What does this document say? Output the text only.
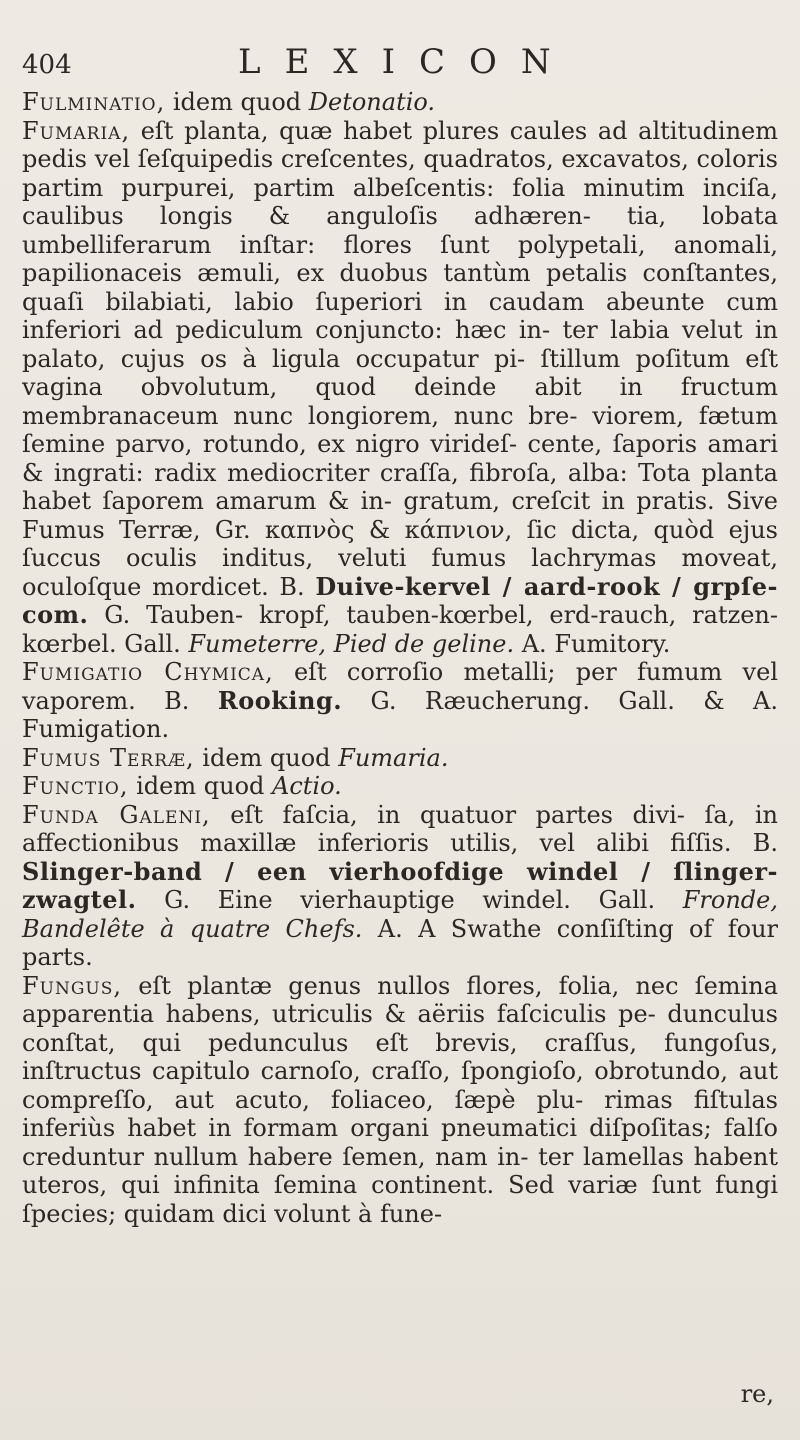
404	LEXICON

Fulminatio, idem quod Detonatio.

Fumaria, eſt planta, quæ habet plures caules ad altitudinem pedis vel ſeſquipedis creſcentes, quadratos, excavatos, coloris partim purpurei, partim albeſcentis: folia minutim inciſa, caulibus longis & anguloſis adhæren- tia, lobata umbelliferarum inſtar: flores ſunt polypetali, anomali, papilionaceis æmuli, ex duobus tantùm petalis conſtantes, quaſi bilabiati, labio ſuperiori in caudam abeunte cum inferiori ad pediculum conjuncto: hæc in- ter labia velut in palato, cujus os à ligula occupatur pi- ſtillum poſitum eſt vagina obvolutum, quod deinde abit in fructum membranaceum nunc longiorem, nunc bre- viorem, fætum ſemine parvo, rotundo, ex nigro virideſ- cente, ſaporis amari & ingrati: radix mediocriter craſſa, fibroſa, alba: Tota planta habet ſaporem amarum & in- gratum, creſcit in pratis. Sive Fumus Terræ, Gr. καπνὸς & κάπνιον, ſic dicta, quòd ejus ſuccus oculis inditus, veluti fumus lachrymas moveat, oculoſque mordicet. B. Duive-kervel / aard-rook / grpſe-com. G. Tauben- kropf, tauben-kœrbel, erd-rauch, ratzen-kœrbel. Gall. Fumeterre, Pied de geline. A. Fumitory.

Fumigatio Chymica, eſt corroſio metalli; per fumum vel vaporem. B. Rooking. G. Ræucherung. Gall. & A. Fumigation.

Fumus Terræ, idem quod Fumaria.

Functio, idem quod Actio.

Funda Galeni, eſt faſcia, in quatuor partes divi- ſa, in affectionibus maxillæ inferioris utilis, vel alibi fiſſis. B. Slinger-band / een vierhoofdige windel / ſlinger- zwagtel. G. Eine vierhauptige windel. Gall. Fronde, Bandelête à quatre Chefs. A. A Swathe conſiſting of four parts.

Fungus, eſt plantæ genus nullos flores, folia, nec ſemina apparentia habens, utriculis & aëriis faſciculis pe- dunculus conſtat, qui pedunculus eſt brevis, craſſus, fungoſus, inſtructus capitulo carnoſo, craſſo, ſpongioſo, obrotundo, aut compreſſo, aut acuto, foliaceo, ſæpè plu- rimas fiſtulas inferiùs habet in formam organi pneumatici diſpoſitas; falſo creduntur nullum habere ſemen, nam in- ter lamellas habent uteros, qui infinita ſemina continent. Sed variæ ſunt fungi ſpecies; quidam dici volunt à fune-

re,
